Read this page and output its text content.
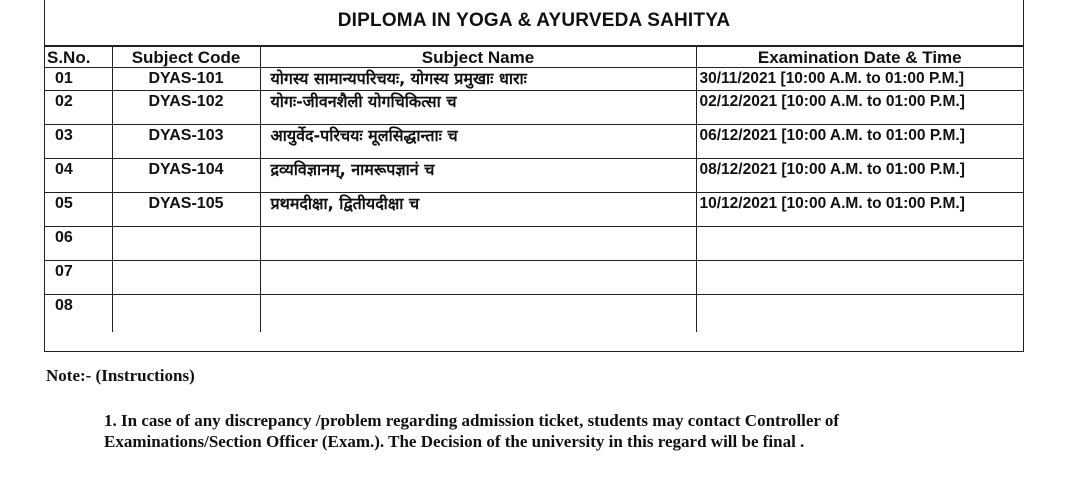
DIPLOMA IN YOGA & AYURVEDA SAHITYA
S.No.	Subject Code	Subject Name	Examination Date & Time
01	DYAS-101	योगस्य सामान्यपरिचयः, योगस्य प्रमुखाः धाराः	30/11/2021 [10:00 A.M. to 01:00 P.M.]
02	DYAS-102	योगः-जीवनशैली योगचिकित्सा च	02/12/2021 [10:00 A.M. to 01:00 P.M.]
03	DYAS-103	आयुर्वेद-परिचयः मूलसिद्धान्ताः च	06/12/2021 [10:00 A.M. to 01:00 P.M.]
04	DYAS-104	द्रव्यविज्ञानम्, नामरूपज्ञानं च	08/12/2021 [10:00 A.M. to 01:00 P.M.]
05	DYAS-105	प्रथमदीक्षा, द्वितीयदीक्षा च	10/12/2021 [10:00 A.M. to 01:00 P.M.]
06			
07			
08			
Note:- (Instructions)
1. In case of any discrepancy /problem regarding admission ticket, students may contact Controller of
Examinations/Section Officer (Exam.). The Decision of the university in this regard will be final .
